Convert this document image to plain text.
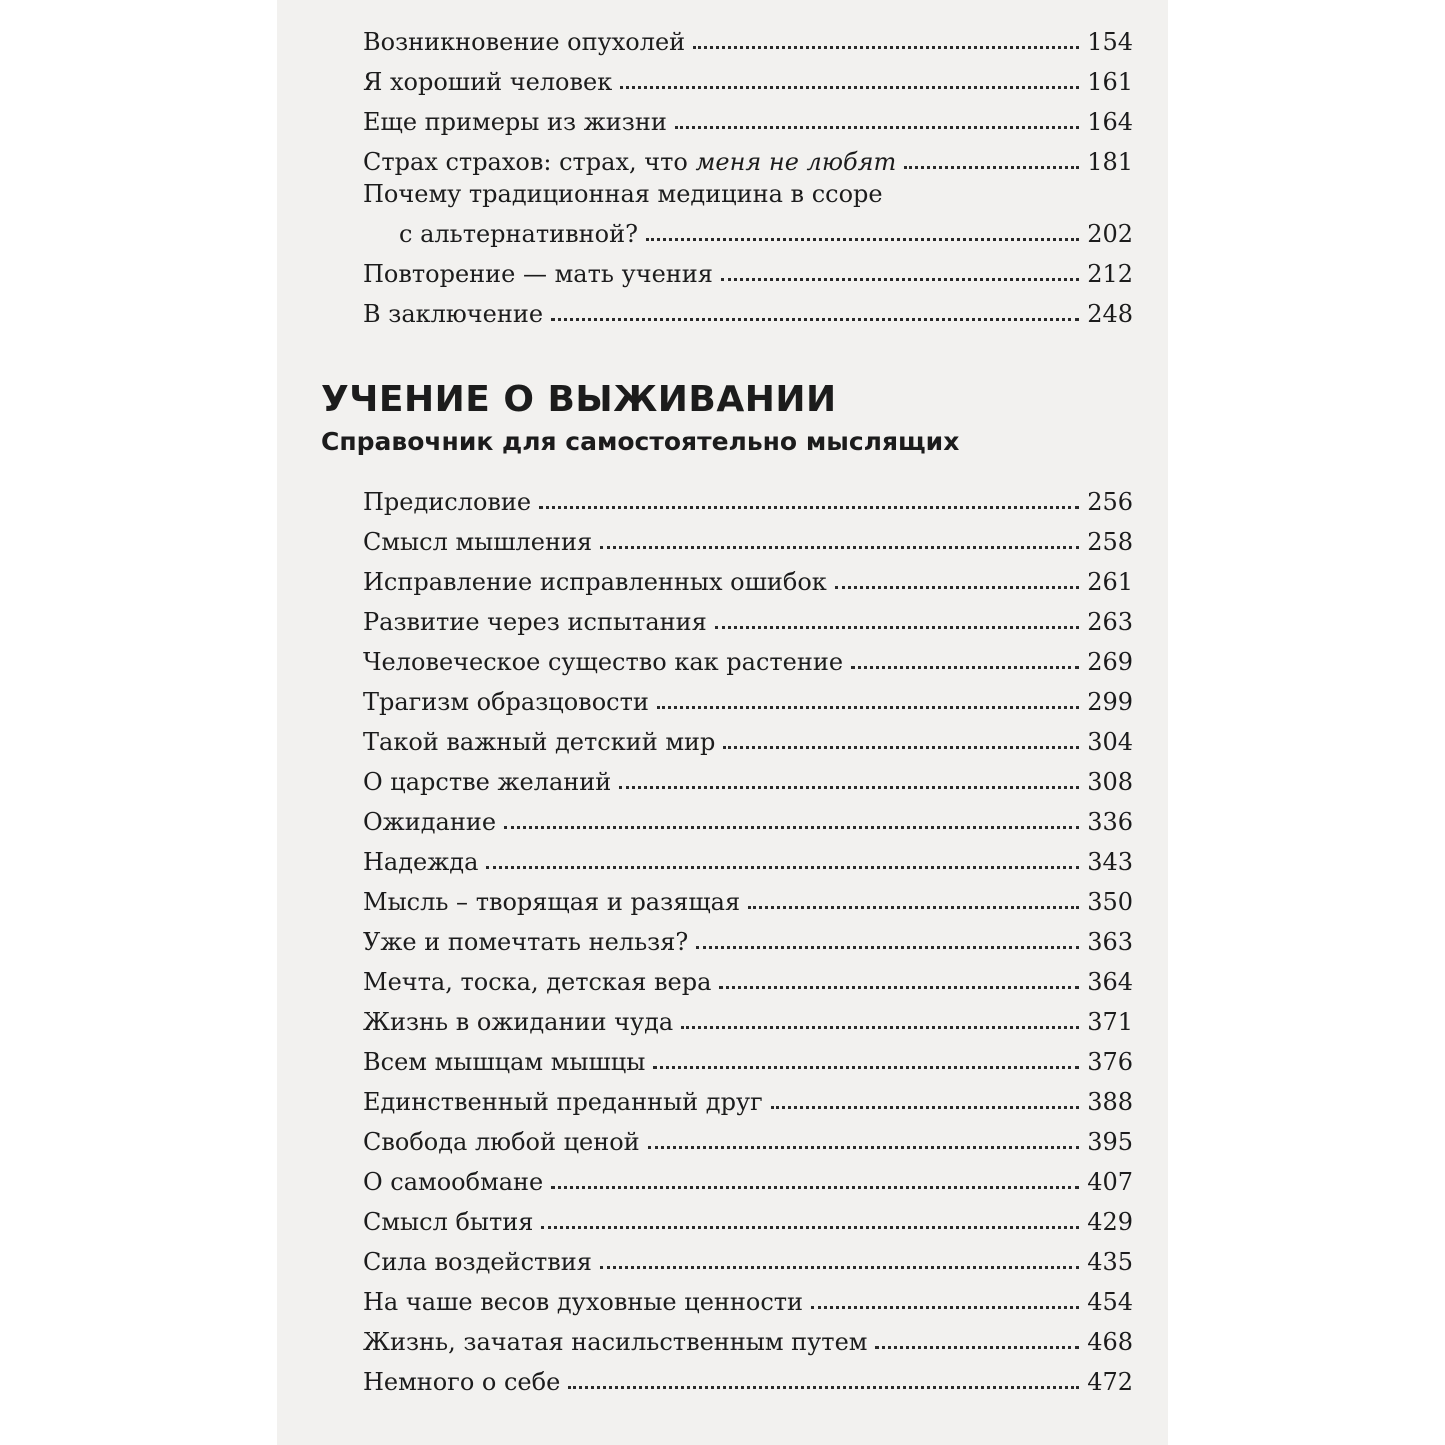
Возникновение опухолей	154
Я хороший человек	161
Еще примеры из жизни	164
Страх страхов: страх, что меня не любят	181
Почему традиционная медицина в ссоре
с альтернативной?	202
Повторение — мать учения	212
В заключение	248
УЧЕНИЕ О ВЫЖИВАНИИ
Справочник для самостоятельно мыслящих
Предисловие	256
Смысл мышления	258
Исправление исправленных ошибок	261
Развитие через испытания	263
Человеческое существо как растение	269
Трагизм образцовости	299
Такой важный детский мир	304
О царстве желаний	308
Ожидание	336
Надежда	343
Мысль – творящая и разящая	350
Уже и помечтать нельзя?	363
Мечта, тоска, детская вера	364
Жизнь в ожидании чуда	371
Всем мышцам мышцы	376
Единственный преданный друг	388
Свобода любой ценой	395
О самообмане	407
Смысл бытия	429
Сила воздействия	435
На чаше весов духовные ценности	454
Жизнь, зачатая насильственным путем	468
Немного о себе	472
